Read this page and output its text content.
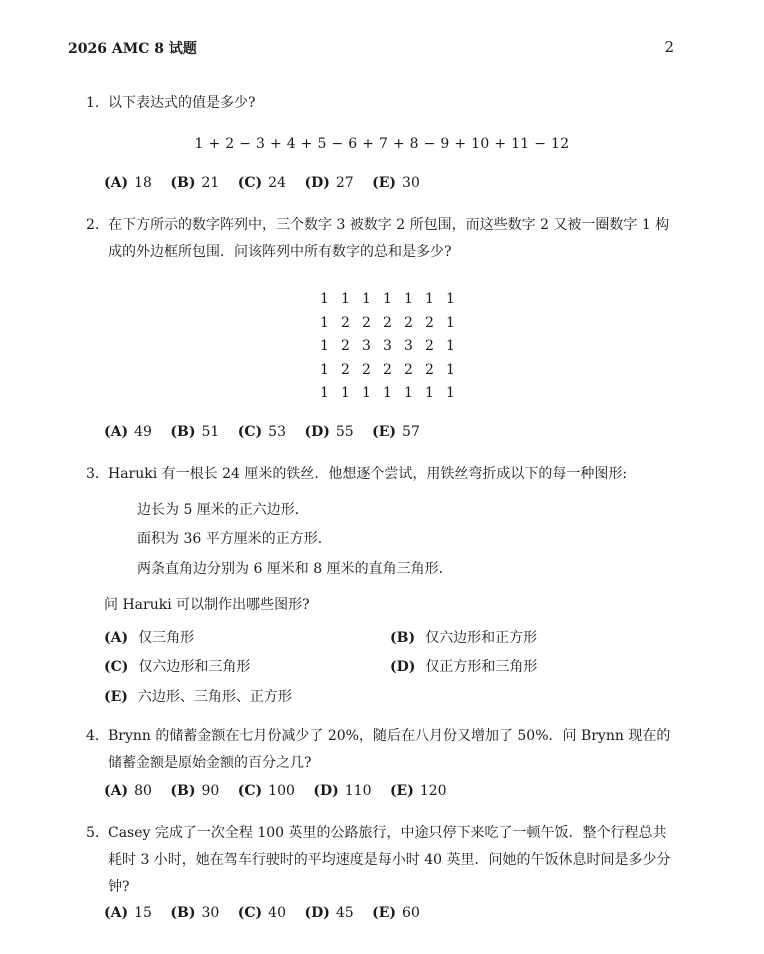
2026 AMC 8 试题	2
1. 以下表达式的值是多少?
1 + 2 − 3 + 4 + 5 − 6 + 7 + 8 − 9 + 10 + 11 − 12
(A) 18 (B) 21 (C) 24 (D) 27 (E) 30
2. 在下方所示的数字阵列中，三个数字 3 被数字 2 所包围，而这些数字 2 又被一圈数字 1 构
成的外边框所包围．问该阵列中所有数字的总和是多少?
1 1 1 1 1 1 1
1 2 2 2 2 2 1
1 2 3 3 3 2 1
1 2 2 2 2 2 1
1 1 1 1 1 1 1
(A) 49 (B) 51 (C) 53 (D) 55 (E) 57
3. Haruki 有一根长 24 厘米的铁丝．他想逐个尝试，用铁丝弯折成以下的每一种图形:
边长为 5 厘米的正六边形．
面积为 36 平方厘米的正方形．
两条直角边分别为 6 厘米和 8 厘米的直角三角形．
问 Haruki 可以制作出哪些图形?
(A) 仅三角形	(B) 仅六边形和正方形
(C) 仅六边形和三角形	(D) 仅正方形和三角形
(E) 六边形、三角形、正方形
4. Brynn 的储蓄金额在七月份减少了 20%，随后在八月份又增加了 50%．问 Brynn 现在的
储蓄金额是原始金额的百分之几?
(A) 80 (B) 90 (C) 100 (D) 110 (E) 120
5. Casey 完成了一次全程 100 英里的公路旅行，中途只停下来吃了一顿午饭．整个行程总共
耗时 3 小时，她在驾车行驶时的平均速度是每小时 40 英里．问她的午饭休息时间是多少分
钟?
(A) 15 (B) 30 (C) 40 (D) 45 (E) 60
